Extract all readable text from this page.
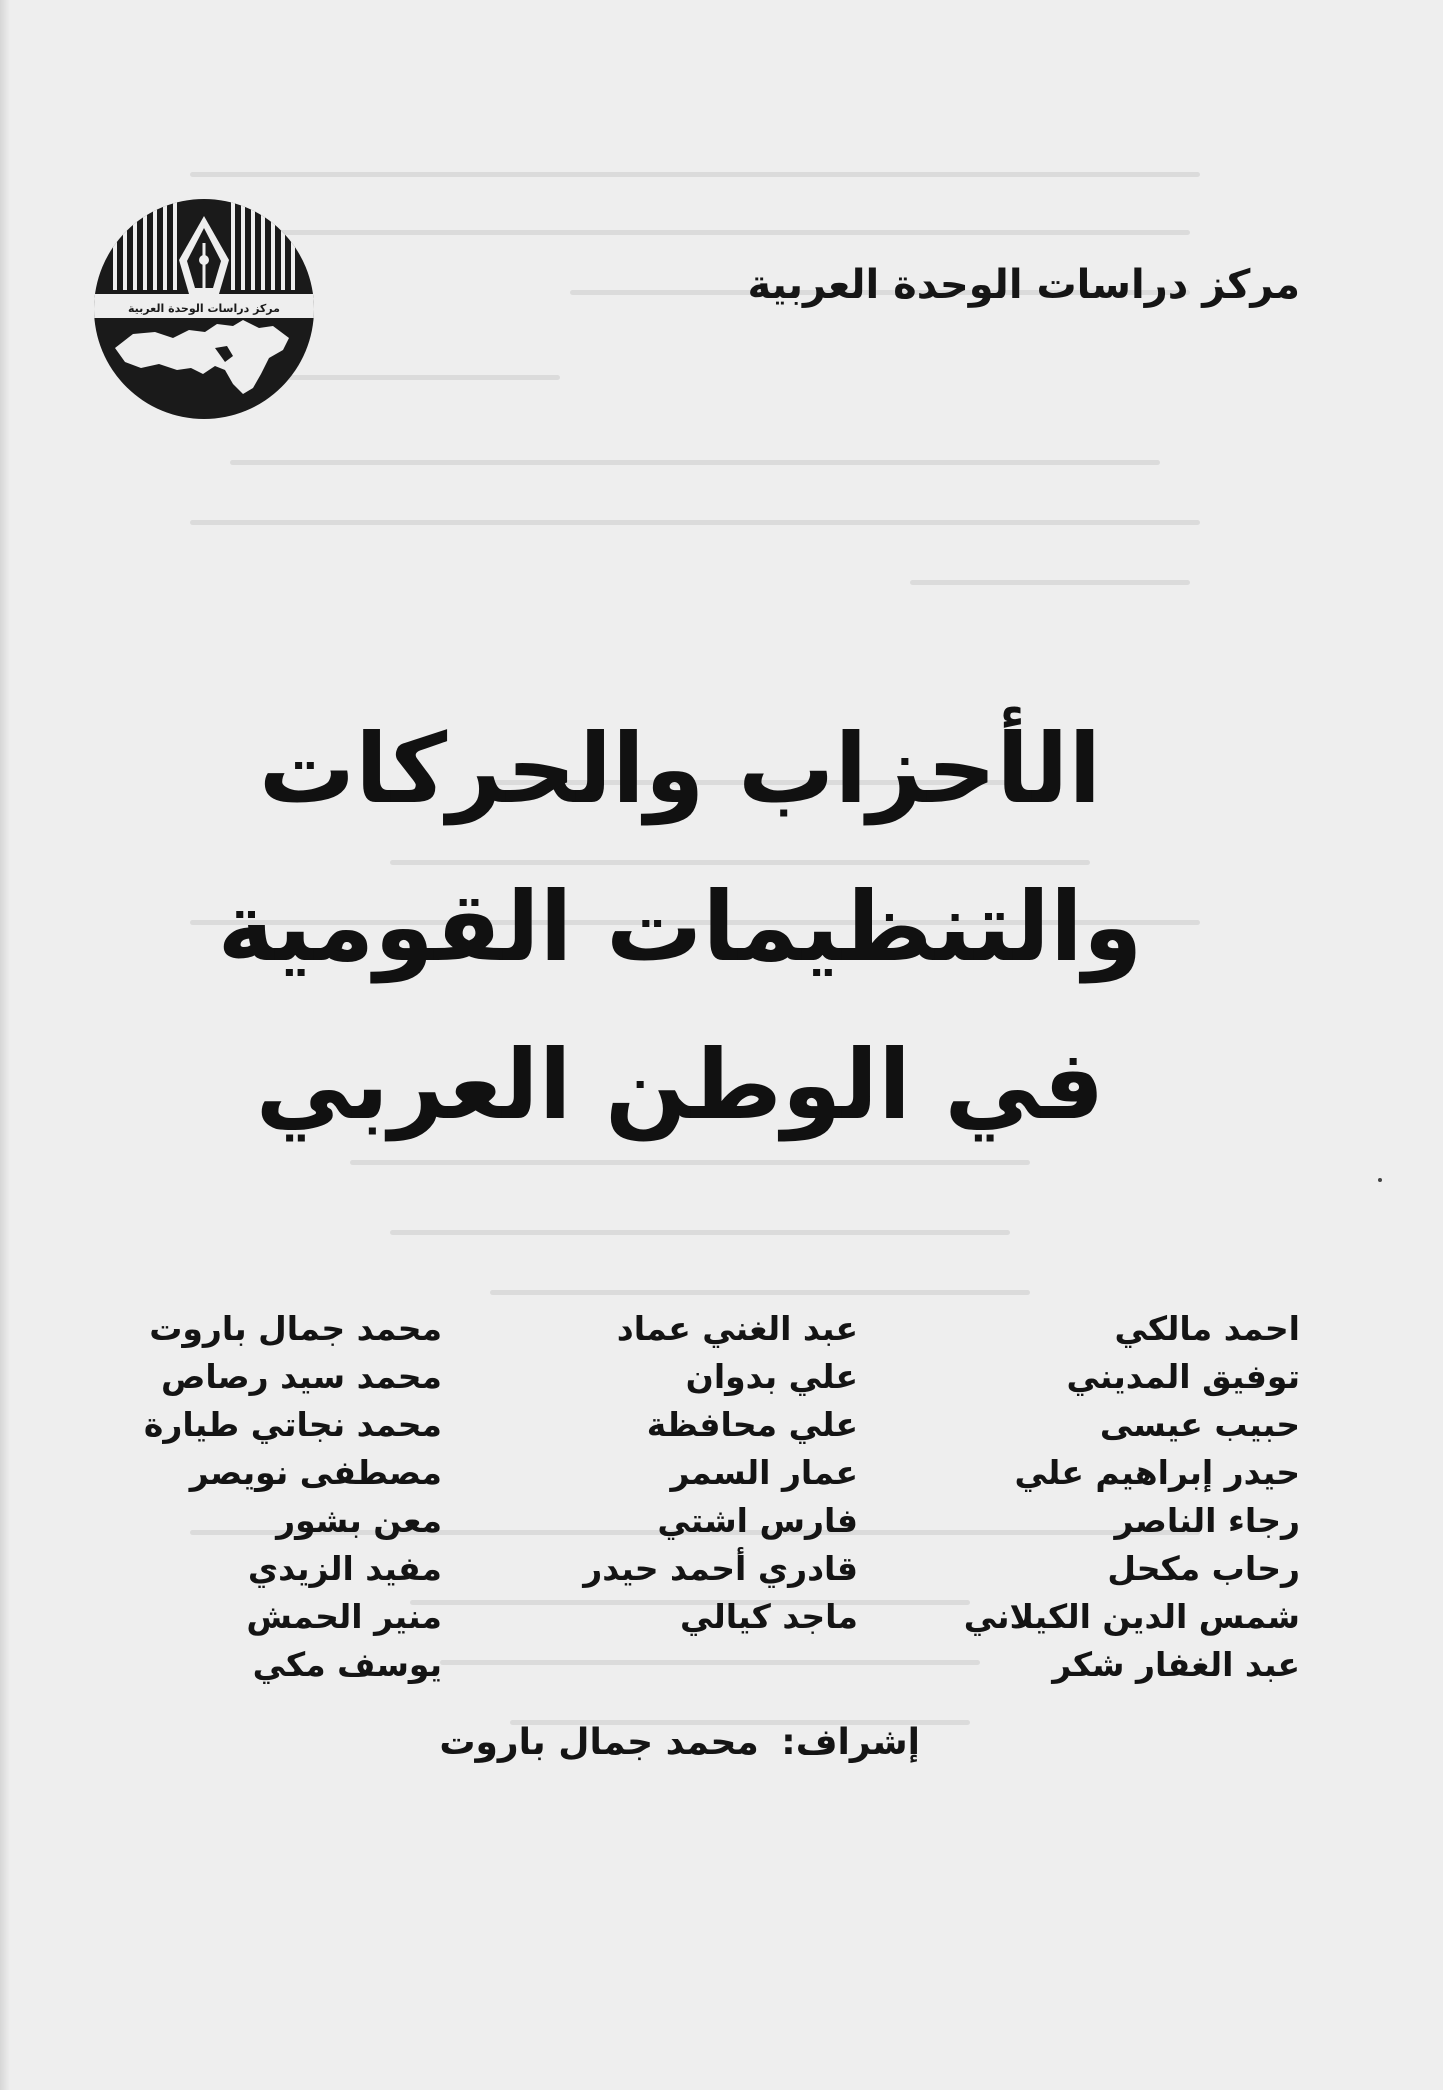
مركز دراسات الوحدة العربية
مركز دراسات الوحدة العربية
الأحزاب والحركات
والتنظيمات القومية
في الوطن العربي
احمد مالكي
توفيق المديني
حبيب عيسى
حيدر إبراهيم علي
رجاء الناصر
رحاب مكحل
شمس الدين الكيلاني
عبد الغفار شكر
عبد الغني عماد
علي بدوان
علي محافظة
عمار السمر
فارس اشتي
قادري أحمد حيدر
ماجد كيالي
محمد جمال باروت
محمد سيد رصاص
محمد نجاتي طيارة
مصطفى نويصر
معن بشور
مفيد الزيدي
منير الحمش
يوسف مكي
إشراف: محمد جمال باروت
